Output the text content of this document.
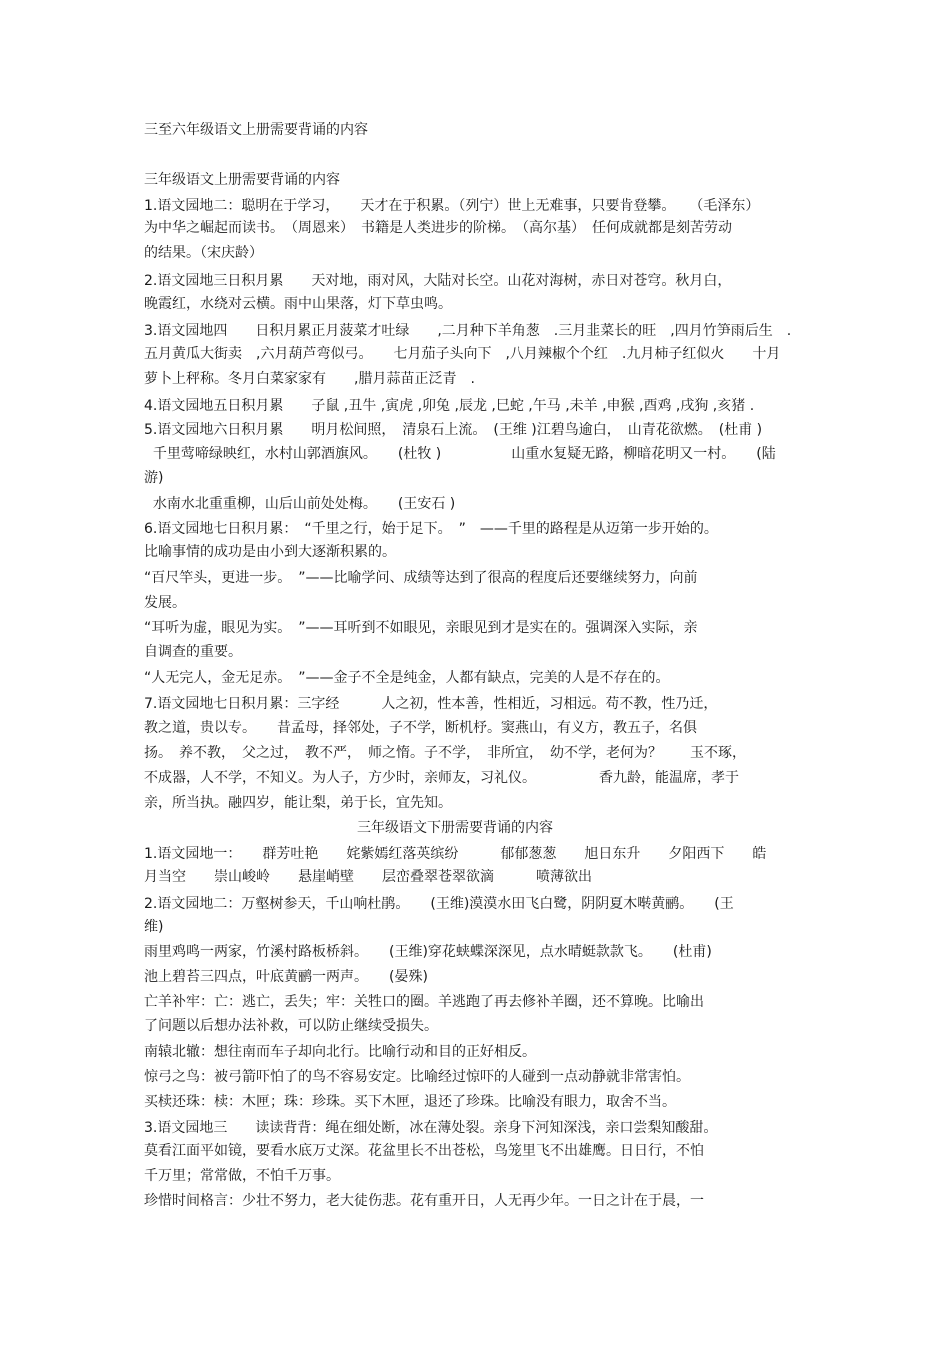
三至六年级语文上册需要背诵的内容

三年级语文上册需要背诵的内容

1.语文园地二：聪明在于学习，　　天才在于积累。（列宁）世上无难事，只要肯登攀。　　（毛泽东）

为中华之崛起而读书。　（周恩来）　书籍是人类进步的阶梯。　（高尔基）　任何成就都是刻苦劳动

的结果。（宋庆龄）

2.语文园地三日积月累　　天对地，雨对风，大陆对长空。山花对海树，赤日对苍穹。秋月白，

晚霞红，水绕对云横。雨中山果落，灯下草虫鸣。

3.语文园地四　　日积月累正月菠菜才吐绿　　,二月种下羊角葱　.三月韭菜长的旺　,四月竹笋雨后生　.

五月黄瓜大街卖　,六月葫芦弯似弓。　　七月茄子头向下　,八月辣椒个个红　.九月柿子红似火　　十月

萝卜上秤称。冬月白菜家家有　　,腊月蒜苗正泛青　.

4.语文园地五日积月累　　子鼠 ,丑牛 ,寅虎 ,卯兔 ,辰龙 ,巳蛇 ,午马 ,未羊 ,申猴 ,酉鸡 ,戌狗 ,亥猪 .

5.语文园地六日积月累　　明月松间照，　清泉石上流。　(王维 )江碧鸟逾白，　山青花欲燃。　(杜甫 )

千里莺啼绿映红，水村山郭酒旗风。　　(杜牧 )　　　　　山重水复疑无路，柳暗花明又一村。　　(陆

游)

水南水北重重柳，山后山前处处梅。　　(王安石 )

6.语文园地七日积月累：　“千里之行，始于足下。　”　——千里的路程是从迈第一步开始的。

比喻事情的成功是由小到大逐渐积累的。

“百尺竿头，更进一步。　”——比喻学问、成绩等达到了很高的程度后还要继续努力，向前

发展。

“耳听为虚，眼见为实。　”——耳听到不如眼见，亲眼见到才是实在的。强调深入实际，亲

自调查的重要。

“人无完人，金无足赤。　”——金子不全是纯金，人都有缺点，完美的人是不存在的。

7.语文园地七日积月累：三字经　　　人之初，性本善，性相近，习相远。苟不教，性乃迁，

教之道，贵以专。　　昔孟母，择邻处，子不学，断机杼。窦燕山，有义方，教五子，名俱

扬。　养不教，　父之过，　教不严，　师之惰。子不学，　非所宜，　幼不学，老何为？　　玉不琢，

不成器，人不学，不知义。为人子，方少时，亲师友，习礼仪。　　　　　香九龄，能温席，孝于

亲，所当执。融四岁，能让梨，弟于长，宜先知。

三年级语文下册需要背诵的内容

1.语文园地一：　　群芳吐艳　　姹紫嫣红落英缤纷　　　郁郁葱葱　　旭日东升　　夕阳西下　　皓

月当空　　崇山峻岭　　悬崖峭壁　　层峦叠翠苍翠欲滴　　　喷薄欲出

2.语文园地二：万壑树参天，千山响杜鹃。　　(王维)漠漠水田飞白鹭，阴阴夏木啭黄鹂。　　(王

维)

雨里鸡鸣一两家，竹溪村路板桥斜。　　(王维)穿花蛱蝶深深见，点水晴蜓款款飞。　　(杜甫)

池上碧苔三四点，叶底黄鹂一两声。　　(晏殊)

亡羊补牢：亡：逃亡，丢失；牢：关牲口的圈。羊逃跑了再去修补羊圈，还不算晚。比喻出

了问题以后想办法补救，可以防止继续受损失。

南辕北辙：想往南而车子却向北行。比喻行动和目的正好相反。

惊弓之鸟：被弓箭吓怕了的鸟不容易安定。比喻经过惊吓的人碰到一点动静就非常害怕。

买椟还珠：椟：木匣；珠：珍珠。买下木匣，退还了珍珠。比喻没有眼力，取舍不当。

3.语文园地三　　读读背背：绳在细处断，冰在薄处裂。亲身下河知深浅，亲口尝梨知酸甜。

莫看江面平如镜，要看水底万丈深。花盆里长不出苍松，鸟笼里飞不出雄鹰。日日行，不怕

千万里；常常做，不怕千万事。

珍惜时间格言：少壮不努力，老大徒伤悲。花有重开日，人无再少年。一日之计在于晨，一
